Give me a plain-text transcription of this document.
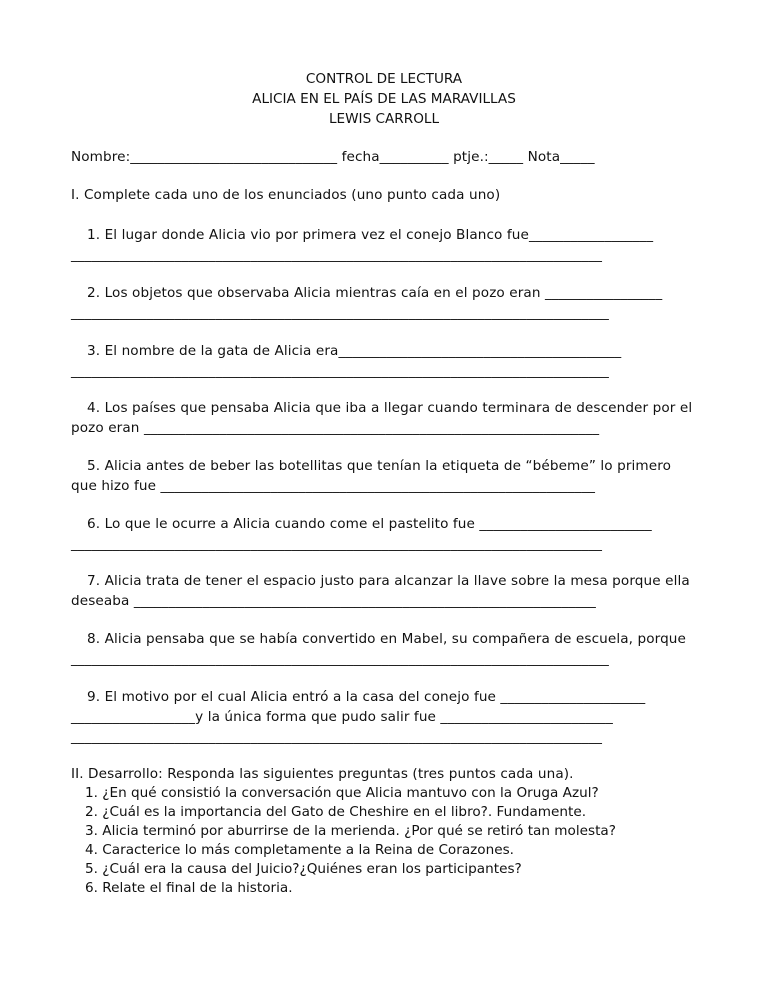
CONTROL DE LECTURA
ALICIA EN EL PAÍS DE LAS MARAVILLAS
LEWIS CARROLL
Nombre:______________________________ fecha__________ ptje.:_____ Nota_____
I. Complete cada uno de los enunciados (uno punto cada uno)
1. El lugar donde Alicia vio por primera vez el conejo Blanco fue__________________
_____________________________________________________________________________
2. Los objetos que observaba Alicia mientras caía en el pozo eran _________________
______________________________________________________________________________
3. El nombre de la gata de Alicia era_________________________________________
______________________________________________________________________________
4. Los países que pensaba Alicia que iba a llegar cuando terminara de descender por el
pozo eran __________________________________________________________________
5. Alicia antes de beber las botellitas que tenían la etiqueta de “bébeme” lo primero
que hizo fue _______________________________________________________________
6. Lo que le ocurre a Alicia cuando come el pastelito fue _________________________
_____________________________________________________________________________
7. Alicia trata de tener el espacio justo para alcanzar la llave sobre la mesa porque ella
deseaba ___________________________________________________________________
8. Alicia pensaba que se había convertido en Mabel, su compañera de escuela, porque
______________________________________________________________________________
9. El motivo por el cual Alicia entró a la casa del conejo fue _____________________
__________________y la única forma que pudo salir fue _________________________
_____________________________________________________________________________
II. Desarrollo: Responda las siguientes preguntas (tres puntos cada una).
1. ¿En qué consistió la conversación que Alicia mantuvo con la Oruga Azul?
2. ¿Cuál es la importancia del Gato de Cheshire en el libro?. Fundamente.
3. Alicia terminó por aburrirse de la merienda. ¿Por qué se retiró tan molesta?
4. Caracterice lo más completamente a la Reina de Corazones.
5. ¿Cuál era la causa del Juicio?¿Quiénes eran los participantes?
6. Relate el final de la historia.
